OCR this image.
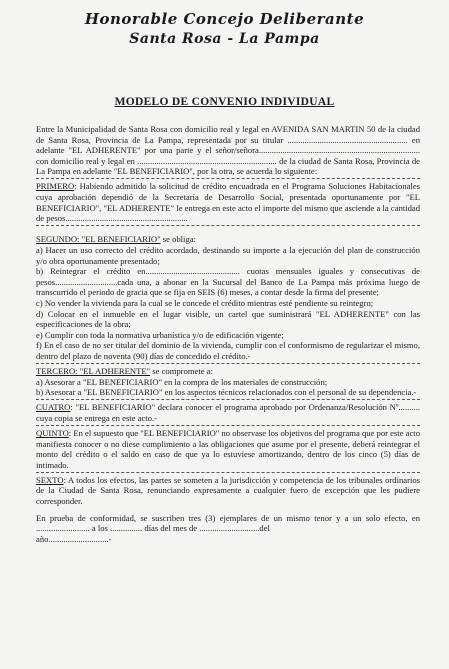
Honorable Concejo Deliberante
Santa Rosa - La Pampa
MODELO DE CONVENIO INDIVIDUAL

Entre la Municipalidad de Santa Rosa con domicilio real y legal en AVENIDA SAN MARTIN 50 de la ciudad de Santa Rosa, Provincia de La Pampa, representada por su titular ........................................................ en adelante "EL ADHERENTE" por una parte y el señor/señora........................................................................... con domicilio real y legal en ................................................................. de la ciudad de Santa Rosa, Provincia de La Pampa en adelante "EL BENEFICIARIO", por la otra, se acuerda lo siguiente:

PRIMERO: Habiendo admitido la solicitud de crédito encuadrada en el Programa Soluciones Habitacionales cuya aprobación dependió de la Secretaría de Desarrollo Social, presentada oportunamente por "EL BENEFICIARIO", "EL ADHERENTE" le entrega en este acto el importe del mismo que asciende a la cantidad de pesos.........................................................

SEGUNDO: "EL BENEFICIARIO" se obliga:

a) Hacer un uso correcto del crédito acordado, destinando su importe a la ejecución del plan de construcción y/o obra oportunamente presentado;

b) Reintegrar el crédito en............................................ cuotas mensuales iguales y consecutivas de pesos.............................cada una, a abonar en la Sucursal del Banco de La Pampa más próxima luego de transcurrido el periodo de gracia que se fija en SEIS (6) meses, a contar desde la firma del presente;

c) No vender la vivienda para la cual se le concede el crédito mientras esté pendiente su reintegro;

d) Colocar en el inmueble en el lugar visible, un cartel que suministrará "EL ADHERENTE" con las especificaciones de la obra;

e) Cumplir con toda la normativa urbanística y/o de edificación vigente;

f) En el caso de no ser titular del dominio de la vivienda, cumplir con el conformismo de regularizar el mismo, dentro del plazo de noventa (90) días de concedido el crédito.-

TERCERO: "EL ADHERENTE" se compromete a:

a) Asesorar a "EL BENEFICIARIO" en la compra de los materiales de construcción;

b) Asesorar a "EL BENEFICIARIO" en los aspectos técnicos relacionados con el personal de su dependencia.-

CUATRO: "EL BENEFICIARIO" declara conocer el programa aprobado por Ordenanza/Resolución Nº.......... cuya copia se entrega en este acto.-

QUINTO: En el supuesto que "EL BENEFICIARIO" no observase los objetivos del programa que por este acto manifiesta conocer o no diese cumplimiento a las obligaciones que asume por el presente, deberá reintegrar el monto del crédito o el saldo en caso de que ya lo estuviese amortizando, dentro de los cinco (5) días de intimado.

SEXTO: A todos los efectos, las partes se someten a la jurisdicción y competencia de los tribunales ordinarios de la Ciudad de Santa Rosa, renunciando expresamente a cualquier fuero de excepción que les pudiere corresponder.

En prueba de conformidad, se suscriben tres (3) ejemplares de un mismo tenor y a un solo efecto, en ......................... a los ............... días del mes de ............................del

año............................-
